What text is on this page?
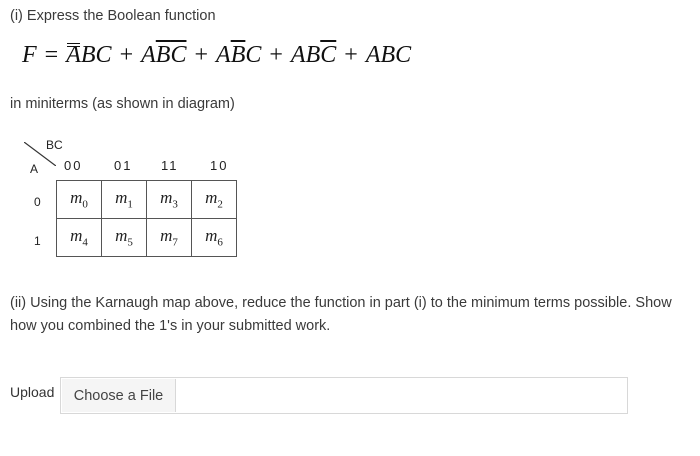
(i) Express the Boolean function
F = ABC + $A\overline{B}\overline{C} + A\overline{B}C + AB\overline{C}$ + ABC
in miniterms (as shown in diagram)
BC
A 00 01 11 10
0
1
$m_0$	$m_1$	$m_3$	$m_2$
$m_4$	$m_5$	$m_7$	$m_6$
(ii) Using the Karnaugh map above, reduce the function in part (i) to the minimum terms possible. Show how you combined the 1's in your submitted work.
Upload	Choose a File
